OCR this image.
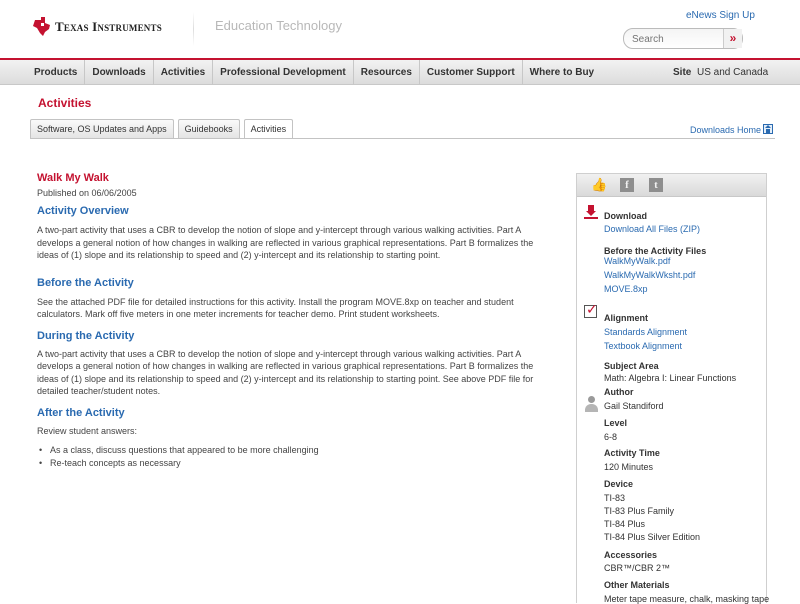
Texas Instruments	Education Technology
eNews Sign Up
Search
»
Products	Downloads	Activities	Professional Development	Resources	Customer Support	Where to Buy	Site US and Canada
Activities
Software, OS Updates and Apps	Guidebooks	Activities	Downloads Home
Walk My Walk
Published on 06/06/2005
Activity Overview
A two-part activity that uses a CBR to develop the notion of slope and y-intercept through various walking activities. Part A develops a general notion of how changes in walking are reflected in various graphical representations. Part B formalizes the ideas of (1) slope and its relationship to speed and (2) y-intercept and its relationship to starting point.
Before the Activity
See the attached PDF file for detailed instructions for this activity. Install the program MOVE.8xp on teacher and student calculators. Mark off five meters in one meter increments for teacher demo. Print student worksheets.
During the Activity
A two-part activity that uses a CBR to develop the notion of slope and y-intercept through various walking activities. Part A develops a general notion of how changes in walking are reflected in various graphical representations. Part B formalizes the ideas of (1) slope and its relationship to speed and (2) y-intercept and its relationship to starting point. See above PDF file for detailed teacher/student notes.
After the Activity
Review student answers:
• As a class, discuss questions that appeared to be more challenging
• Re-teach concepts as necessary
👍	f	t
Download
Download All Files (ZIP)
Before the Activity Files
WalkMyWalk.pdf
WalkMyWalkWksht.pdf
MOVE.8xp
✓
Alignment
Standards Alignment
Textbook Alignment
Subject Area
Math: Algebra I: Linear Functions
Author
Gail Standiford
Level
6-8
Activity Time
120 Minutes
Device
TI-83
TI-83 Plus Family
TI-84 Plus
TI-84 Plus Silver Edition
Accessories
CBR™/CBR 2™
Other Materials
Meter tape measure, chalk, masking tape
